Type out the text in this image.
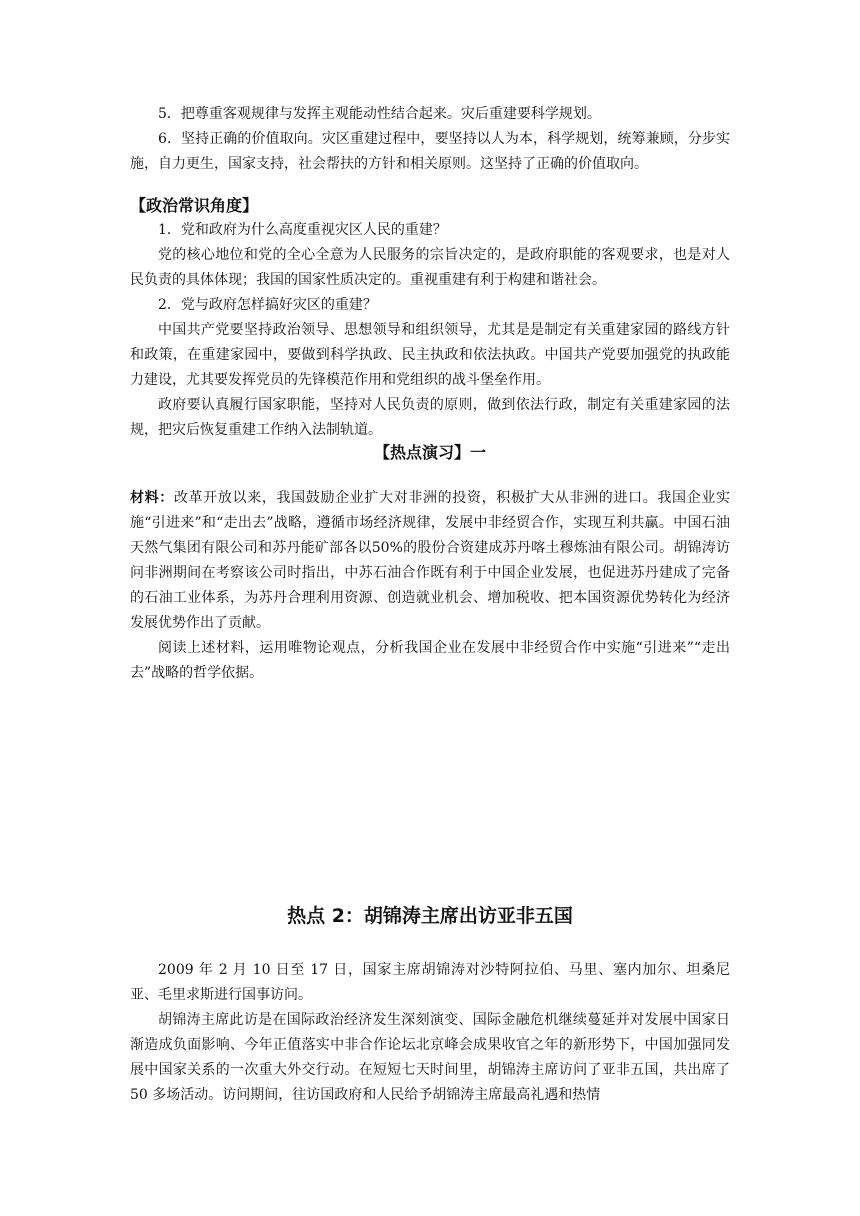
5．把尊重客观规律与发挥主观能动性结合起来。灾后重建要科学规划。

6．坚持正确的价值取向。灾区重建过程中，要坚持以人为本，科学规划，统筹兼顾，分步实施，自力更生，国家支持，社会帮扶的方针和相关原则。这坚持了正确的价值取向。

【政治常识角度】

1．党和政府为什么高度重视灾区人民的重建？

党的核心地位和党的全心全意为人民服务的宗旨决定的，是政府职能的客观要求，也是对人民负责的具体体现；我国的国家性质决定的。重视重建有利于构建和谐社会。

2．党与政府怎样搞好灾区的重建？

中国共产党要坚持政治领导、思想领导和组织领导，尤其是是制定有关重建家园的路线方针和政策，在重建家园中，要做到科学执政、民主执政和依法执政。中国共产党要加强党的执政能力建设，尤其要发挥党员的先锋模范作用和党组织的战斗堡垒作用。

政府要认真履行国家职能，坚持对人民负责的原则，做到依法行政，制定有关重建家园的法规，把灾后恢复重建工作纳入法制轨道。

【热点演习】一

材料：改革开放以来，我国鼓励企业扩大对非洲的投资，积极扩大从非洲的进口。我国企业实施“引进来”和“走出去”战略，遵循市场经济规律，发展中非经贸合作，实现互利共赢。中国石油天然气集团有限公司和苏丹能矿部各以50%的股份合资建成苏丹喀土穆炼油有限公司。胡锦涛访问非洲期间在考察该公司时指出，中苏石油合作既有利于中国企业发展，也促进苏丹建成了完备的石油工业体系，为苏丹合理利用资源、创造就业机会、增加税收、把本国资源优势转化为经济发展优势作出了贡献。

阅读上述材料，运用唯物论观点，分析我国企业在发展中非经贸合作中实施“引进来”“走出去”战略的哲学依据。

热点 2：胡锦涛主席出访亚非五国

2009 年 2 月 10 日至 17 日，国家主席胡锦涛对沙特阿拉伯、马里、塞内加尔、坦桑尼亚、毛里求斯进行国事访问。

胡锦涛主席此访是在国际政治经济发生深刻演变、国际金融危机继续蔓延并对发展中国家日渐造成负面影响、今年正值落实中非合作论坛北京峰会成果收官之年的新形势下，中国加强同发展中国家关系的一次重大外交行动。在短短七天时间里，胡锦涛主席访问了亚非五国，共出席了 50 多场活动。访问期间，往访国政府和人民给予胡锦涛主席最高礼遇和热情
